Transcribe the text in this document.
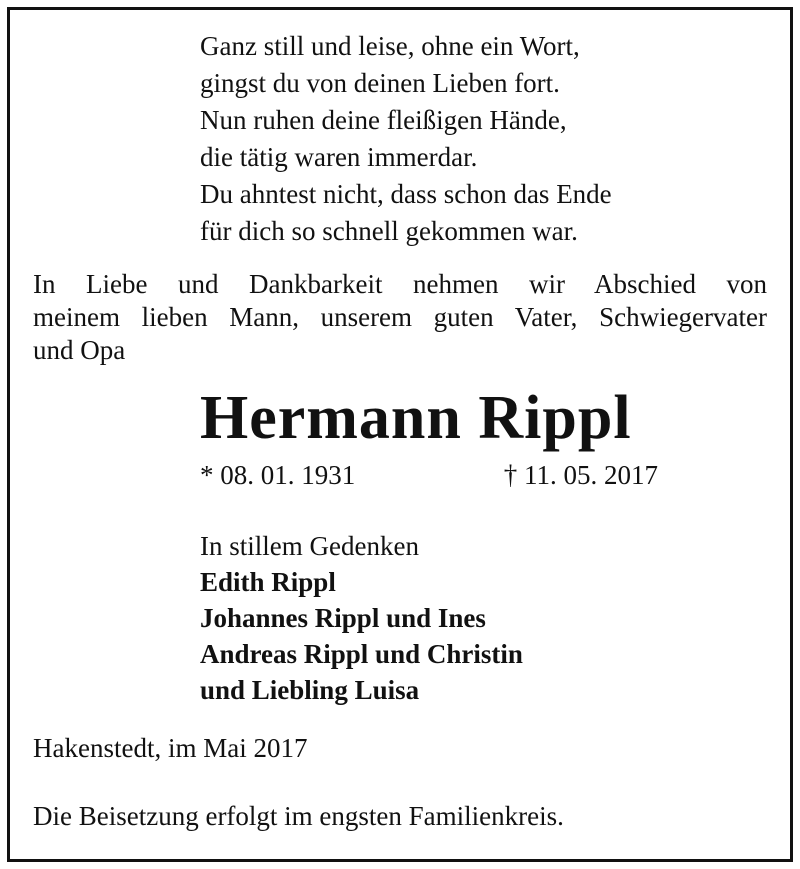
Ganz still und leise, ohne ein Wort,
gingst du von deinen Lieben fort.
Nun ruhen deine fleißigen Hände,
die tätig waren immerdar.
Du ahntest nicht, dass schon das Ende
für dich so schnell gekommen war.
In Liebe und Dankbarkeit nehmen wir Abschied von
meinem lieben Mann, unserem guten Vater, Schwiegervater
und Opa
Hermann Rippl
* 08. 01. 1931	† 11. 05. 2017
In stillem Gedenken
Edith Rippl
Johannes Rippl und Ines
Andreas Rippl und Christin
und Liebling Luisa
Hakenstedt, im Mai 2017
Die Beisetzung erfolgt im engsten Familienkreis.
